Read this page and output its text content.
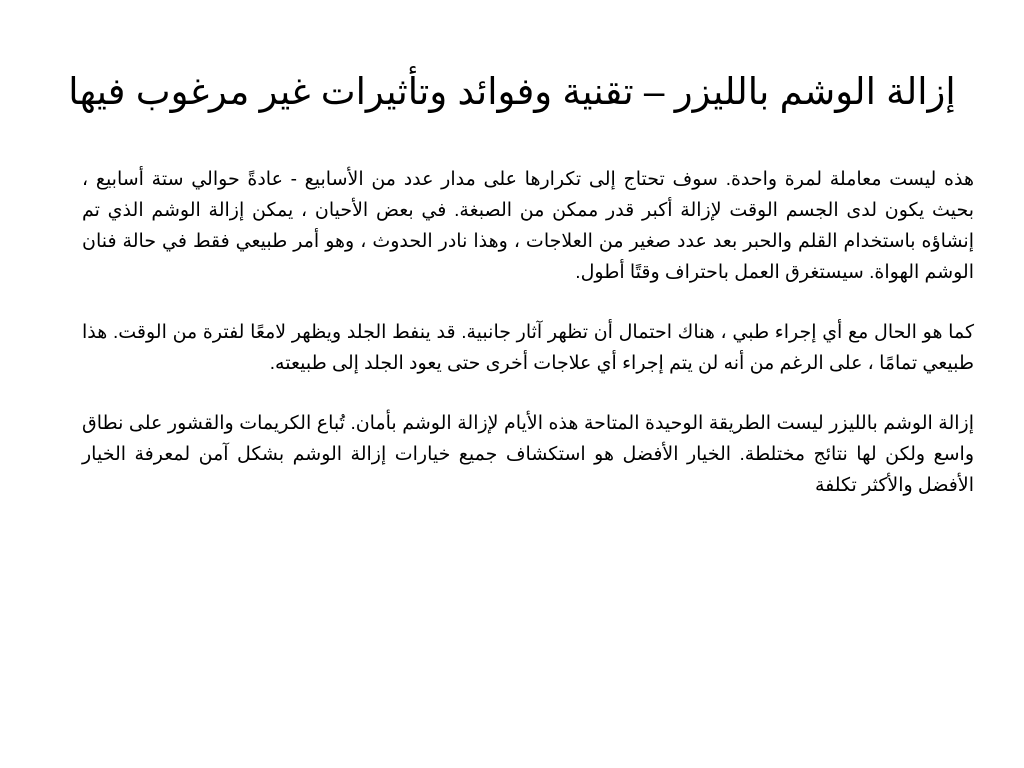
إزالة الوشم بالليزر – تقنية وفوائد وتأثيرات غير مرغوب فيها

هذه ليست معاملة لمرة واحدة. سوف تحتاج إلى تكرارها على مدار عدد من الأسابيع - عادةً حوالي ستة أسابيع ، بحيث يكون لدى الجسم الوقت لإزالة أكبر قدر ممكن من الصبغة. في بعض الأحيان ، يمكن إزالة الوشم الذي تم إنشاؤه باستخدام القلم والحبر بعد عدد صغير من العلاجات ، وهذا نادر الحدوث ، وهو أمر طبيعي فقط في حالة فنان الوشم الهواة. سيستغرق العمل باحتراف وقتًا أطول.

كما هو الحال مع أي إجراء طبي ، هناك احتمال أن تظهر آثار جانبية. قد ينفط الجلد ويظهر لامعًا لفترة من الوقت. هذا طبيعي تمامًا ، على الرغم من أنه لن يتم إجراء أي علاجات أخرى حتى يعود الجلد إلى طبيعته.

إزالة الوشم بالليزر ليست الطريقة الوحيدة المتاحة هذه الأيام لإزالة الوشم بأمان. تُباع الكريمات والقشور على نطاق واسع ولكن لها نتائج مختلطة. الخيار الأفضل هو استكشاف جميع خيارات إزالة الوشم بشكل آمن لمعرفة الخيار الأفضل والأكثر تكلفة
